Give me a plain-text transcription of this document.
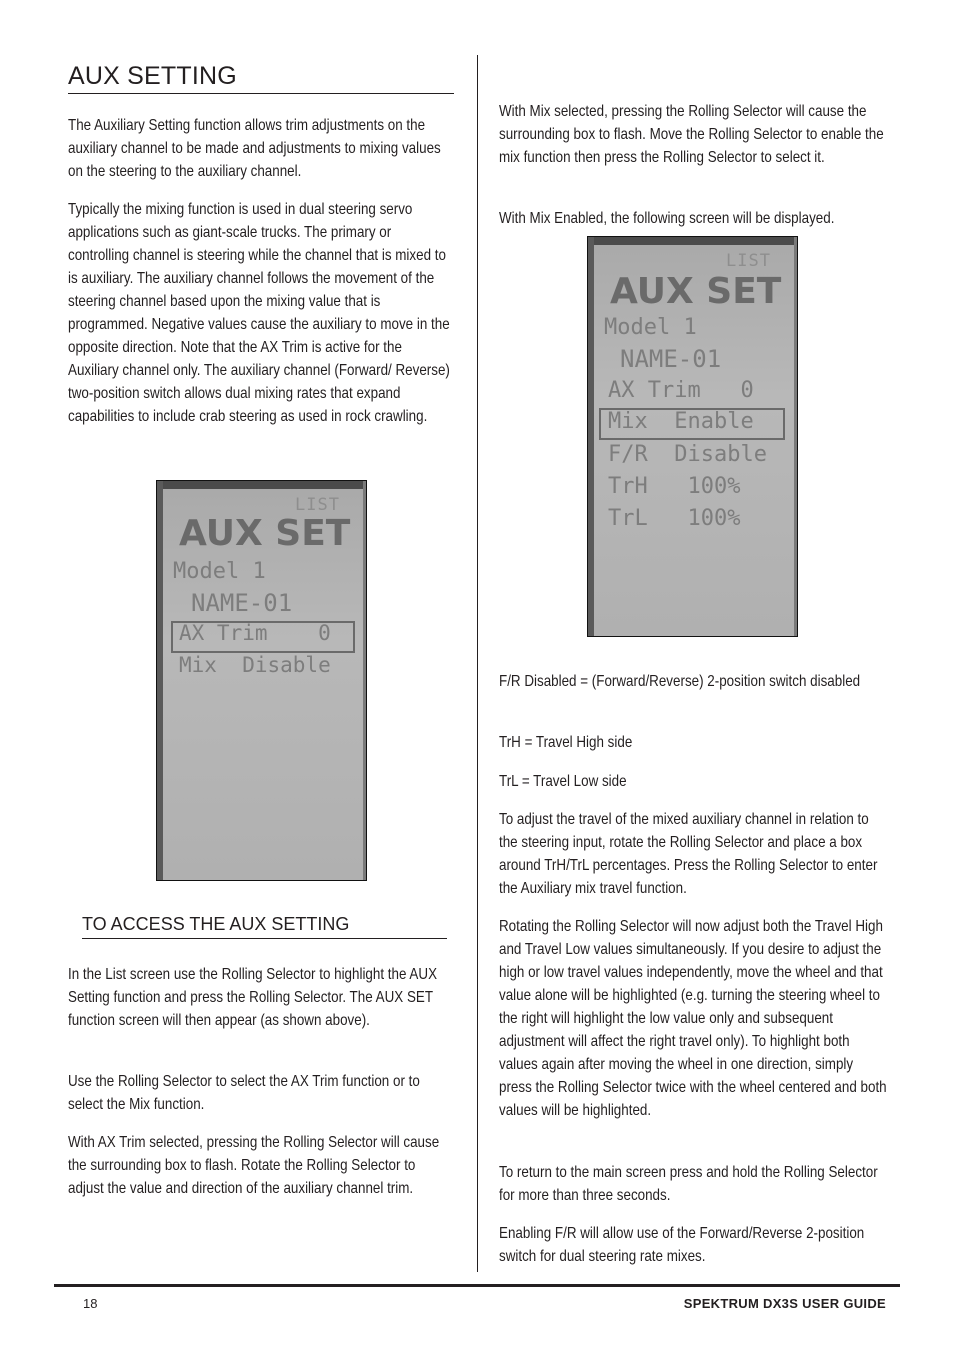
AUX SETTING

The Auxiliary Setting function allows trim adjustments on the auxiliary channel to be made and adjustments to mixing values on the steering to the auxiliary channel.

Typically the mixing function is used in dual steering servo applications such as giant-scale trucks. The primary or controlling channel is steering while the channel that is mixed to is auxiliary. The auxiliary channel follows the movement of the steering channel based upon the mixing value that is programmed. Negative values cause the auxiliary to move in the opposite direction. Note that the AX Trim is active for the Auxiliary channel only. The auxiliary channel (Forward/ Reverse) two-position switch allows dual mixing rates that expand capabilities to include crab steering as used in rock crawling.

LIST
AUX SET
Model 1
NAME-01
AX Trim    0
Mix  Disable
TO ACCESS THE AUX SETTING

In the List screen use the Rolling Selector to highlight the AUX Setting function and press the Rolling Selector. The AUX SET function screen will then appear (as shown above).

Use the Rolling Selector to select the AX Trim function or to select the Mix function.

With AX Trim selected, pressing the Rolling Selector will cause the surrounding box to flash. Rotate the Rolling Selector to adjust the value and direction of the auxiliary channel trim.

With Mix selected, pressing the Rolling Selector will cause the surrounding box to flash. Move the Rolling Selector to enable the mix function then press the Rolling Selector to select it.

With Mix Enabled, the following screen will be displayed.

LIST
AUX SET
Model 1
NAME-01
AX Trim   0
Mix  Enable
F/R  Disable
TrH   100%
TrL   100%

F/R Disabled = (Forward/Reverse) 2-position switch disabled

TrH = Travel High side

TrL = Travel Low side

To adjust the travel of the mixed auxiliary channel in relation to the steering input, rotate the Rolling Selector and place a box around TrH/TrL percentages. Press the Rolling Selector to enter the Auxiliary mix travel function.

Rotating the Rolling Selector will now adjust both the Travel High and Travel Low values simultaneously. If you desire to adjust the high or low travel values independently, move the wheel and that value alone will be highlighted (e.g. turning the steering wheel to the right will highlight the low value only and subsequent adjustment will affect the right travel only). To highlight both values again after moving the wheel in one direction, simply press the Rolling Selector twice with the wheel centered and both values will be highlighted.

To return to the main screen press and hold the Rolling Selector for more than three seconds.

Enabling F/R will allow use of the Forward/Reverse 2-position switch for dual steering rate mixes.

18	SPEKTRUM DX3S USER GUIDE
